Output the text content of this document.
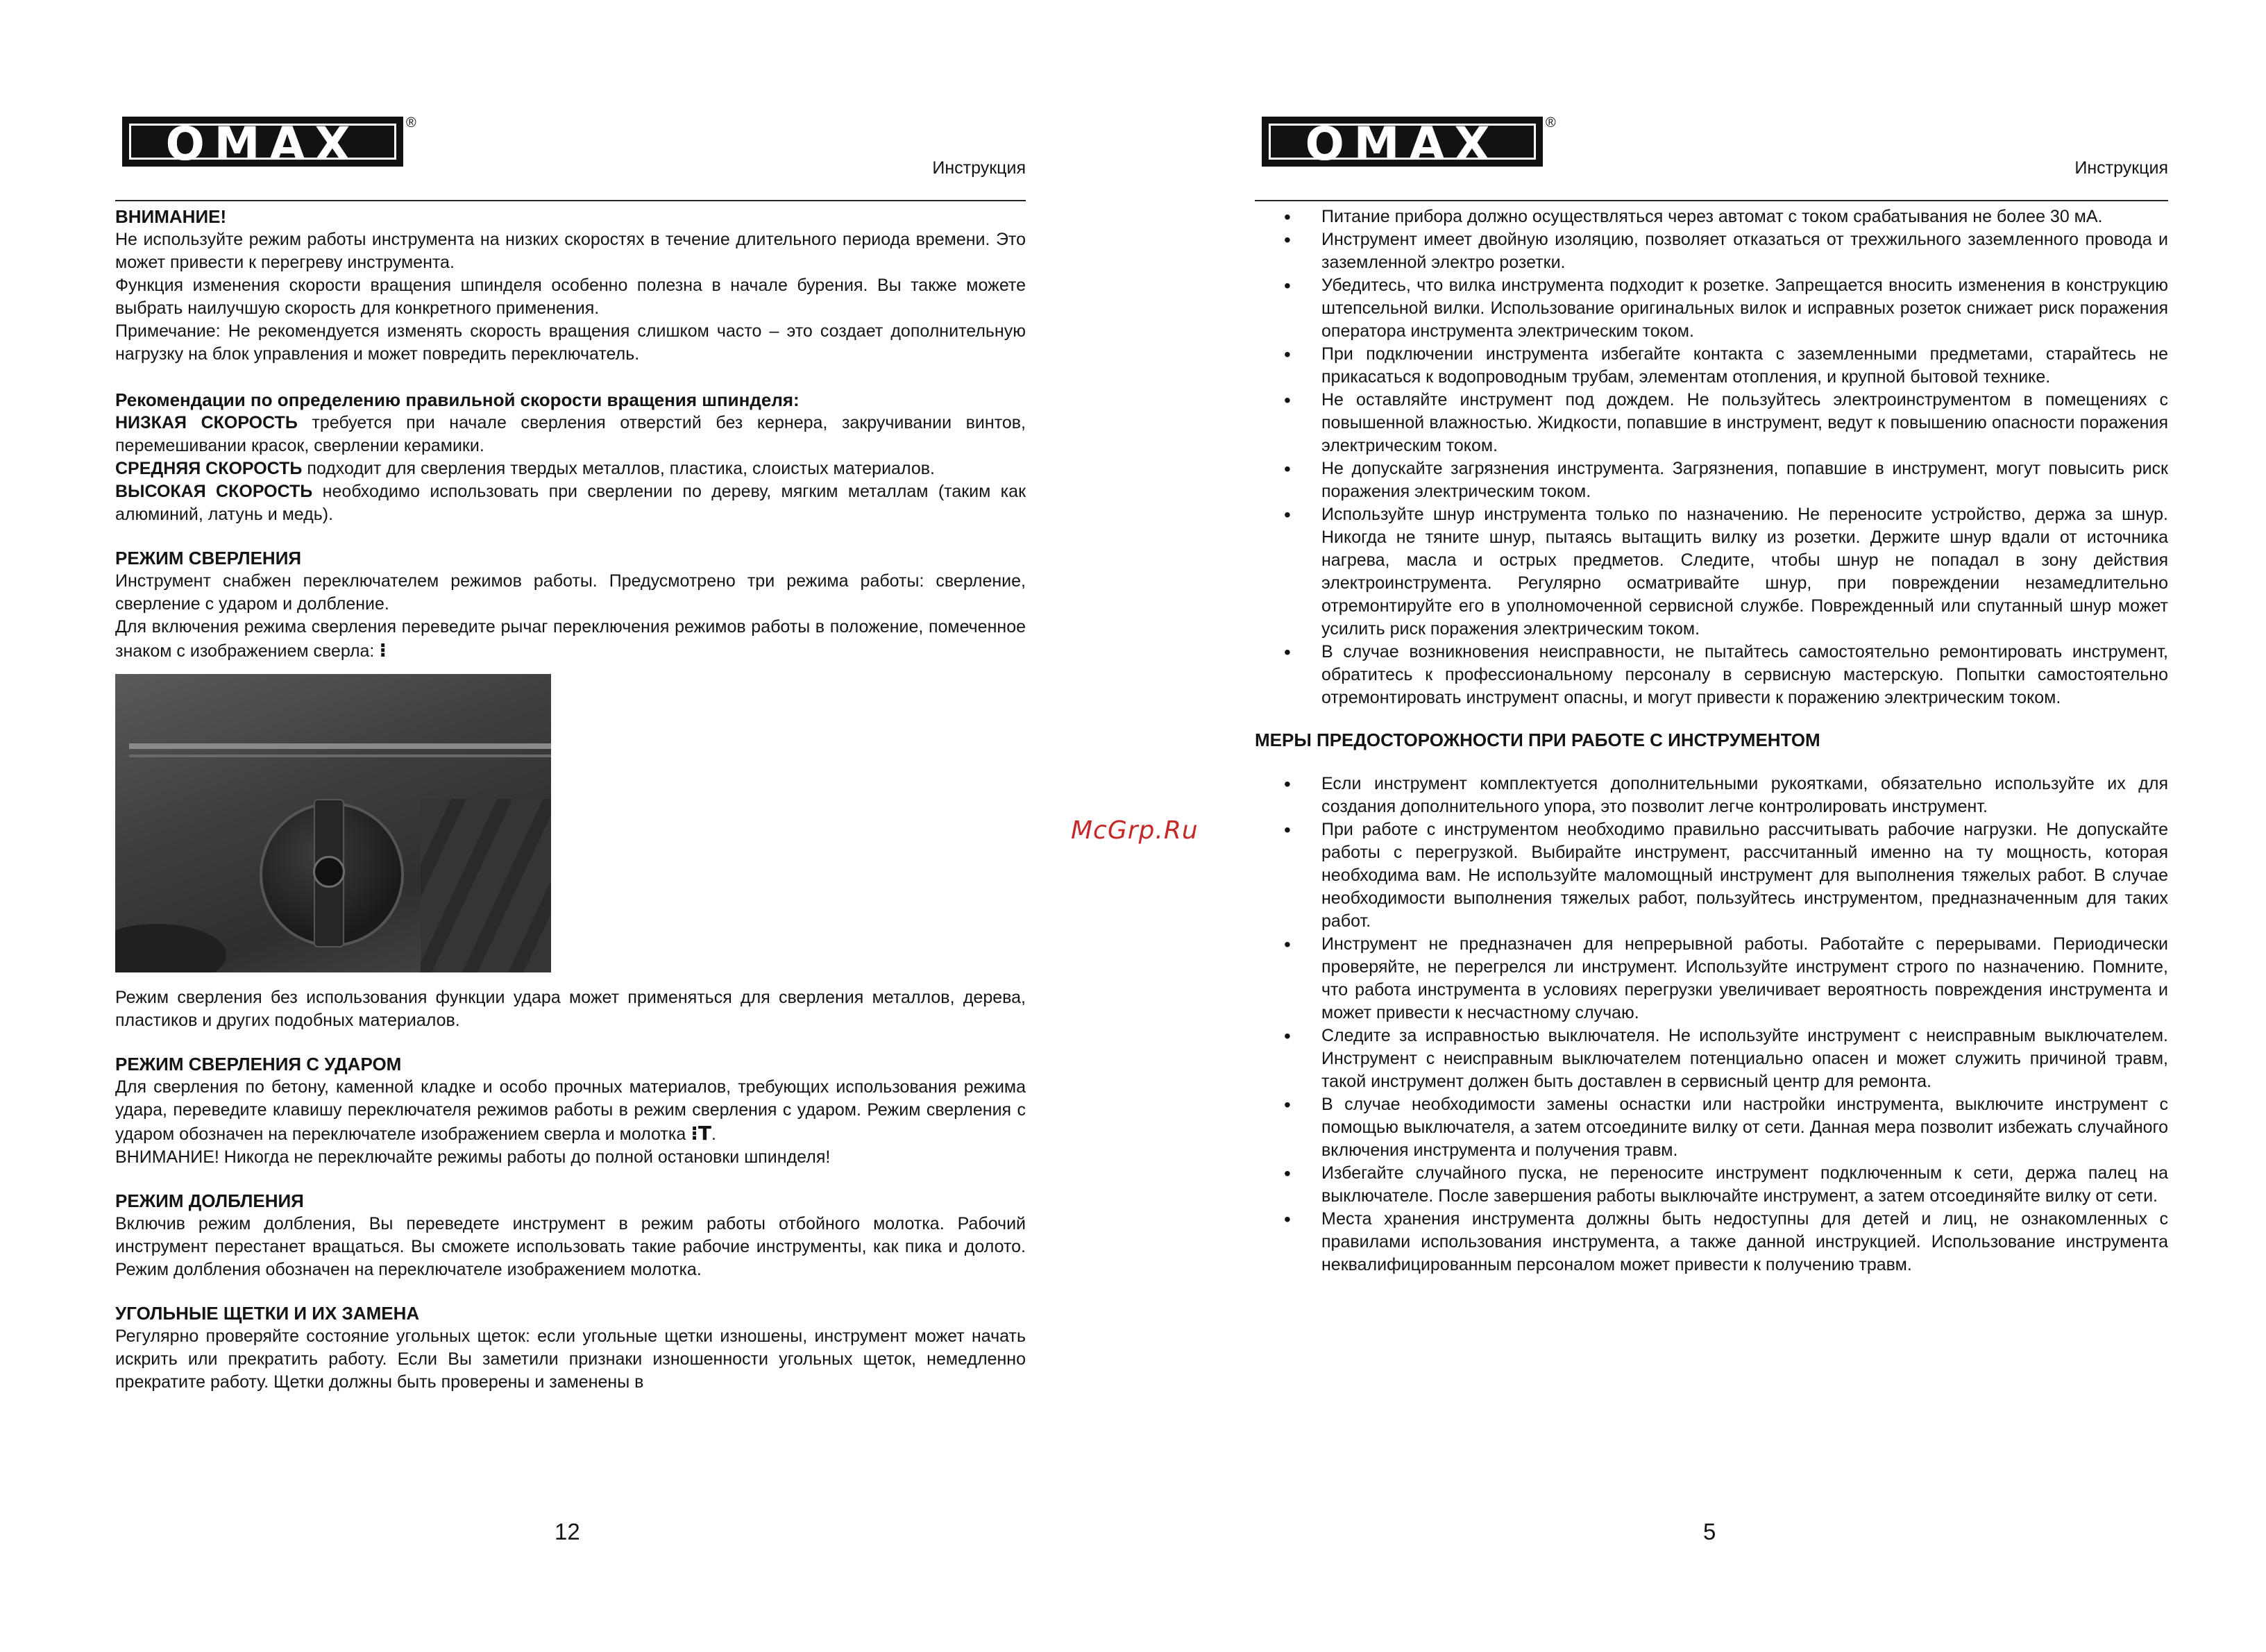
OMAX	®
Инструкция

ВНИМАНИЕ!

Не используйте режим работы инструмента на низких скоростях в течение длительного периода времени. Это может привести к перегреву инструмента.

Функция изменения скорости вращения шпинделя особенно полезна в начале бурения. Вы также можете выбрать наилучшую скорость для конкретного применения.

Примечание: Не рекомендуется изменять скорость вращения слишком часто – это создает дополнительную нагрузку на блок управления и может повредить переключатель.

Рекомендации по определению правильной скорости вращения шпинделя:

НИЗКАЯ СКОРОСТЬ требуется при начале сверления отверстий без кернера, закручивании винтов, перемешивании красок, сверлении керамики.

СРЕДНЯЯ СКОРОСТЬ подходит для сверления твердых металлов, пластика, слоистых материалов.

ВЫСОКАЯ СКОРОСТЬ необходимо использовать при сверлении по дереву, мягким металлам (таким как алюминий, латунь и медь).

РЕЖИМ СВЕРЛЕНИЯ

Инструмент снабжен переключателем режимов работы. Предусмотрено три режима работы: сверление, сверление с ударом и долбление.

Для включения режима сверления переведите рычаг переключения режимов работы в положение, помеченное знаком с изображением сверла: ⁝

Режим сверления без использования функции удара может применяться для сверления металлов, дерева, пластиков и других подобных материалов.

РЕЖИМ СВЕРЛЕНИЯ С УДАРОМ

Для сверления по бетону, каменной кладке и особо прочных материалов, требующих использования режима удара, переведите клавишу переключателя режимов работы в режим сверления с ударом. Режим сверления с ударом обозначен на переключателе изображением сверла и молотка ⁝T.

ВНИМАНИЕ! Никогда не переключайте режимы работы до полной остановки шпинделя!

РЕЖИМ ДОЛБЛЕНИЯ

Включив режим долбления, Вы переведете инструмент в режим работы отбойного молотка. Рабочий инструмент перестанет вращаться. Вы сможете использовать такие рабочие инструменты, как пика и долото. Режим долбления обозначен на переключателе изображением молотка.

УГОЛЬНЫЕ ЩЕТКИ И ИХ ЗАМЕНА

Регулярно проверяйте состояние угольных щеток: если угольные щетки изношены, инструмент может начать искрить или прекратить работу. Если Вы заметили признаки изношенности угольных щеток, немедленно прекратите работу. Щетки должны быть проверены и заменены в

12
McGrp.Ru
OMAX	®
Инструкция
• Питание прибора должно осуществляться через автомат с током срабатывания не более 30 мА.
• Инструмент имеет двойную изоляцию, позволяет отказаться от трехжильного заземленного провода и заземленной электро розетки.
• Убедитесь, что вилка инструмента подходит к розетке. Запрещается вносить изменения в конструкцию штепсельной вилки. Использование оригинальных вилок и исправных розеток снижает риск поражения оператора инструмента электрическим током.
• При подключении инструмента избегайте контакта с заземленными предметами, старайтесь не прикасаться к водопроводным трубам, элементам отопления, и крупной бытовой технике.
• Не оставляйте инструмент под дождем. Не пользуйтесь электроинструментом в помещениях с повышенной влажностью. Жидкости, попавшие в инструмент, ведут к повышению опасности поражения электрическим током.
• Не допускайте загрязнения инструмента. Загрязнения, попавшие в инструмент, могут повысить риск поражения электрическим током.
• Используйте шнур инструмента только по назначению. Не переносите устройство, держа за шнур. Никогда не тяните шнур, пытаясь вытащить вилку из розетки. Держите шнур вдали от источника нагрева, масла и острых предметов. Следите, чтобы шнур не попадал в зону действия электроинструмента. Регулярно осматривайте шнур, при повреждении незамедлительно отремонтируйте его в уполномоченной сервисной службе. Поврежденный или спутанный шнур может усилить риск поражения электрическим током.
• В случае возникновения неисправности, не пытайтесь самостоятельно ремонтировать инструмент, обратитесь к профессиональному персоналу в сервисную мастерскую. Попытки самостоятельно отремонтировать инструмент опасны, и могут привести к поражению электрическим током.

МЕРЫ ПРЕДОСТОРОЖНОСТИ ПРИ РАБОТЕ С ИНСТРУМЕНТОМ

• Если инструмент комплектуется дополнительными рукоятками, обязательно используйте их для создания дополнительного упора, это позволит легче контролировать инструмент.
• При работе с инструментом необходимо правильно рассчитывать рабочие нагрузки. Не допускайте работы с перегрузкой. Выбирайте инструмент, рассчитанный именно на ту мощность, которая необходима вам. Не используйте маломощный инструмент для выполнения тяжелых работ. В случае необходимости выполнения тяжелых работ, пользуйтесь инструментом, предназначенным для таких работ.
• Инструмент не предназначен для непрерывной работы. Работайте с перерывами. Периодически проверяйте, не перегрелся ли инструмент. Используйте инструмент строго по назначению. Помните, что работа инструмента в условиях перегрузки увеличивает вероятность повреждения инструмента и может привести к несчастному случаю.
• Следите за исправностью выключателя. Не используйте инструмент с неисправным выключателем. Инструмент с неисправным выключателем потенциально опасен и может служить причиной травм, такой инструмент должен быть доставлен в сервисный центр для ремонта.
• В случае необходимости замены оснастки или настройки инструмента, выключите инструмент с помощью выключателя, а затем отсоедините вилку от сети. Данная мера позволит избежать случайного включения инструмента и получения травм.
• Избегайте случайного пуска, не переносите инструмент подключенным к сети, держа палец на выключателе. После завершения работы выключайте инструмент, а затем отсоединяйте вилку от сети.
• Места хранения инструмента должны быть недоступны для детей и лиц, не ознакомленных с правилами использования инструмента, а также данной инструкцией. Использование инструмента неквалифицированным персоналом может привести к получению травм.
5
